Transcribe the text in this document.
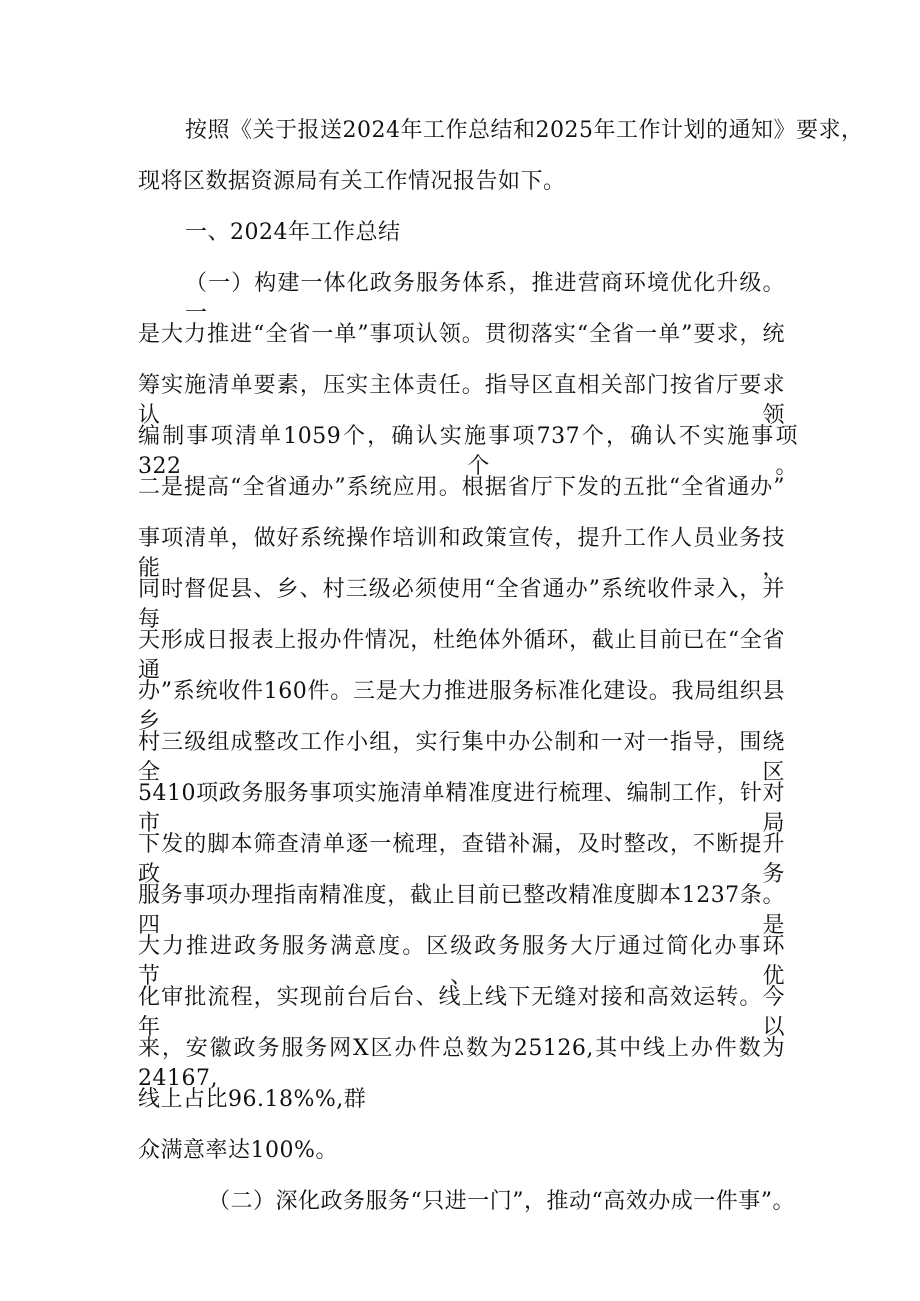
按照《关于报送2024年工作总结和2025年工作计划的通知》要求，
现将区数据资源局有关工作情况报告如下。
一、2024年工作总结
（一）构建一体化政务服务体系，推进营商环境优化升级。一
是大力推进“全省一单”事项认领。贯彻落实“全省一单”要求，统
筹实施清单要素，压实主体责任。指导区直相关部门按省厅要求认领
编制事项清单1059个，确认实施事项737个，确认不实施事项322个。
二是提高“全省通办”系统应用。根据省厅下发的五批“全省通办”
事项清单，做好系统操作培训和政策宣传，提升工作人员业务技能，
同时督促县、乡、村三级必须使用“全省通办”系统收件录入，并每
天形成日报表上报办件情况，杜绝体外循环，截止目前已在“全省通
办”系统收件160件。三是大力推进服务标准化建设。我局组织县乡
村三级组成整改工作小组，实行集中办公制和一对一指导，围绕全区
5410项政务服务事项实施清单精准度进行梳理、编制工作，针对市局
下发的脚本筛查清单逐一梳理，查错补漏，及时整改，不断提升政务
服务事项办理指南精准度，截止目前已整改精准度脚本1237条。四是
大力推进政务服务满意度。区级政务服务大厅通过简化办事环节、优
化审批流程，实现前台后台、线上线下无缝对接和高效运转。今年以
来，安徽政务服务网X区办件总数为25126,其中线上办件数为24167,
线上占比96.18%%,群
众满意率达100%。
（二）深化政务服务“只进一门”，推动“高效办成一件事”。
